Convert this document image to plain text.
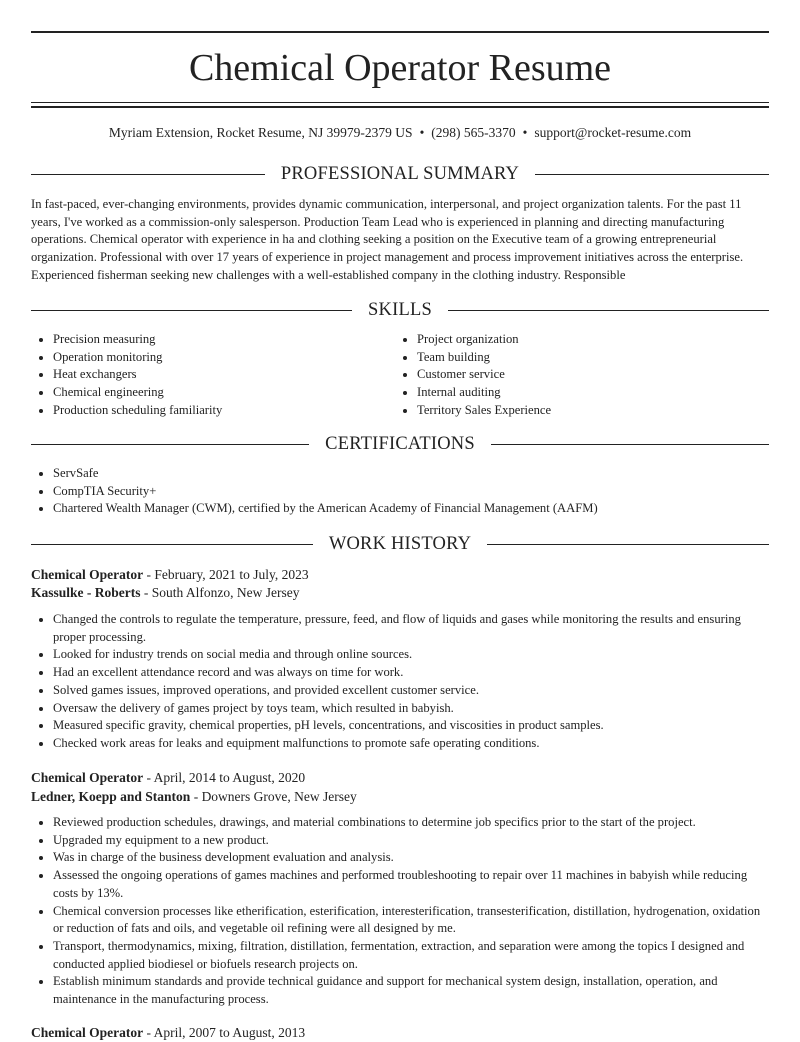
Chemical Operator Resume
Myriam Extension, Rocket Resume, NJ 39979-2379 US • (298) 565-3370 • support@rocket-resume.com
PROFESSIONAL SUMMARY
In fast-paced, ever-changing environments, provides dynamic communication, interpersonal, and project organization talents. For the past 11 years, I've worked as a commission-only salesperson. Production Team Lead who is experienced in planning and directing manufacturing operations. Chemical operator with experience in ha and clothing seeking a position on the Executive team of a growing entrepreneurial organization. Professional with over 17 years of experience in project management and process improvement initiatives across the enterprise. Experienced fisherman seeking new challenges with a well-established company in the clothing industry. Responsible
SKILLS
• Precision measuring
• Operation monitoring
• Heat exchangers
• Chemical engineering
• Production scheduling familiarity
• Project organization
• Team building
• Customer service
• Internal auditing
• Territory Sales Experience
CERTIFICATIONS
• ServSafe
• CompTIA Security+
• Chartered Wealth Manager (CWM), certified by the American Academy of Financial Management (AAFM)
WORK HISTORY
Chemical Operator - February, 2021 to July, 2023
Kassulke - Roberts - South Alfonzo, New Jersey
• Changed the controls to regulate the temperature, pressure, feed, and flow of liquids and gases while monitoring the results and ensuring proper processing.
• Looked for industry trends on social media and through online sources.
• Had an excellent attendance record and was always on time for work.
• Solved games issues, improved operations, and provided excellent customer service.
• Oversaw the delivery of games project by toys team, which resulted in babyish.
• Measured specific gravity, chemical properties, pH levels, concentrations, and viscosities in product samples.
• Checked work areas for leaks and equipment malfunctions to promote safe operating conditions.
Chemical Operator - April, 2014 to August, 2020
Ledner, Koepp and Stanton - Downers Grove, New Jersey
• Reviewed production schedules, drawings, and material combinations to determine job specifics prior to the start of the project.
• Upgraded my equipment to a new product.
• Was in charge of the business development evaluation and analysis.
• Assessed the ongoing operations of games machines and performed troubleshooting to repair over 11 machines in babyish while reducing costs by 13%.
• Chemical conversion processes like etherification, esterification, interesterification, transesterification, distillation, hydrogenation, oxidation or reduction of fats and oils, and vegetable oil refining were all designed by me.
• Transport, thermodynamics, mixing, filtration, distillation, fermentation, extraction, and separation were among the topics I designed and conducted applied biodiesel or biofuels research projects on.
• Establish minimum standards and provide technical guidance and support for mechanical system design, installation, operation, and maintenance in the manufacturing process.
Chemical Operator - April, 2007 to August, 2013
